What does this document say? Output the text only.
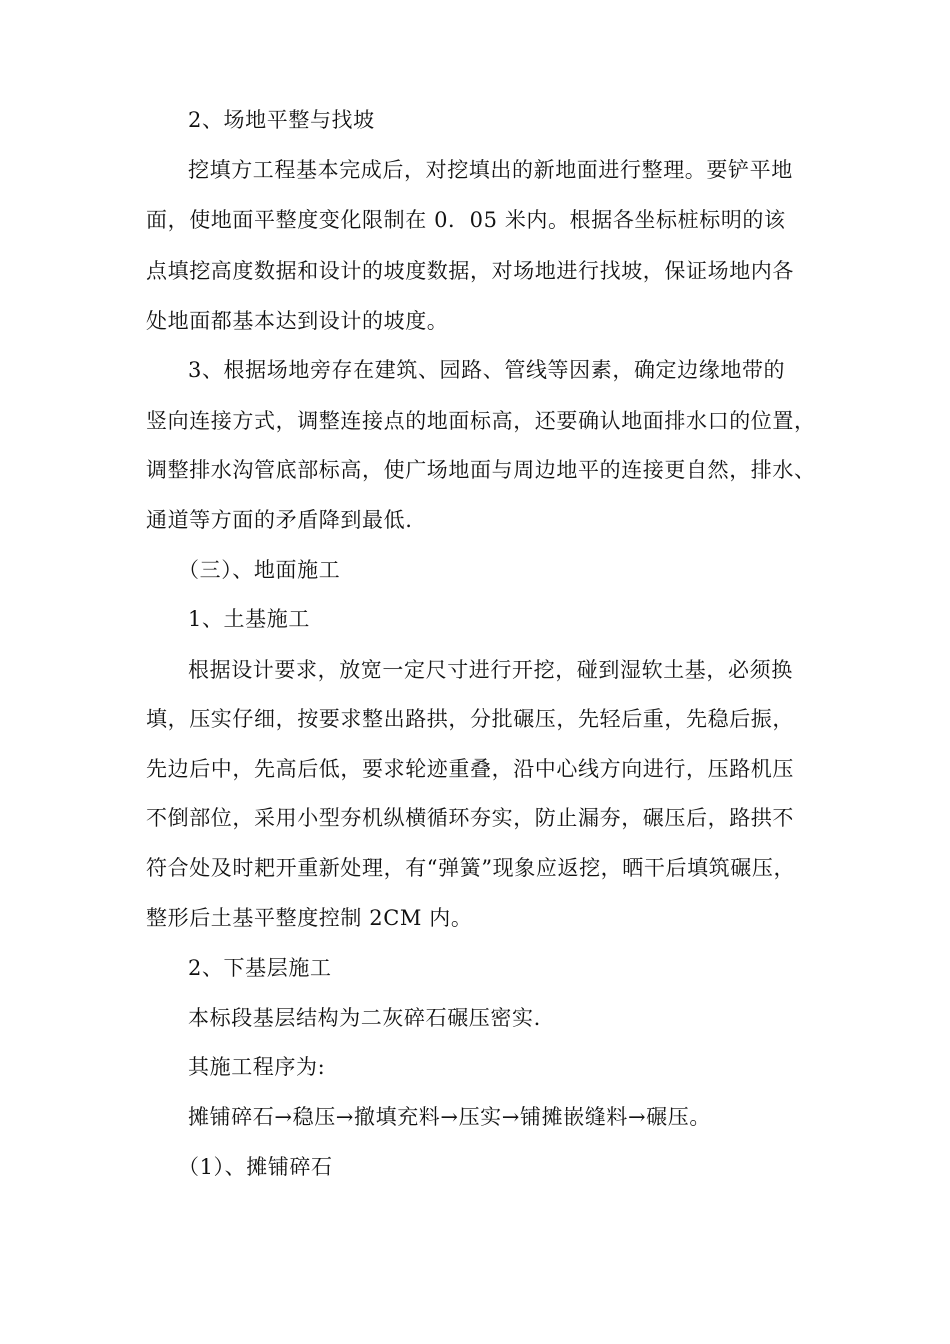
2、场地平整与找坡
挖填方工程基本完成后，对挖填出的新地面进行整理。要铲平地
面，使地面平整度变化限制在 0．05 米内。根据各坐标桩标明的该
点填挖高度数据和设计的坡度数据，对场地进行找坡，保证场地内各
处地面都基本达到设计的坡度。
3、根据场地旁存在建筑、园路、管线等因素，确定边缘地带的
竖向连接方式，调整连接点的地面标高，还要确认地面排水口的位置，
调整排水沟管底部标高，使广场地面与周边地平的连接更自然，排水、
通道等方面的矛盾降到最低.
（三）、地面施工
1、土基施工
根据设计要求，放宽一定尺寸进行开挖，碰到湿软土基，必须换
填，压实仔细，按要求整出路拱，分批碾压，先轻后重，先稳后振，
先边后中，先高后低，要求轮迹重叠，沿中心线方向进行，压路机压
不倒部位，采用小型夯机纵横循环夯实，防止漏夯，碾压后，路拱不
符合处及时耙开重新处理，有“弹簧”现象应返挖，晒干后填筑碾压，
整形后土基平整度控制 2CM 内。
2、下基层施工
本标段基层结构为二灰碎石碾压密实.
其施工程序为:
摊铺碎石→稳压→撤填充料→压实→铺摊嵌缝料→碾压。
（1）、摊铺碎石
